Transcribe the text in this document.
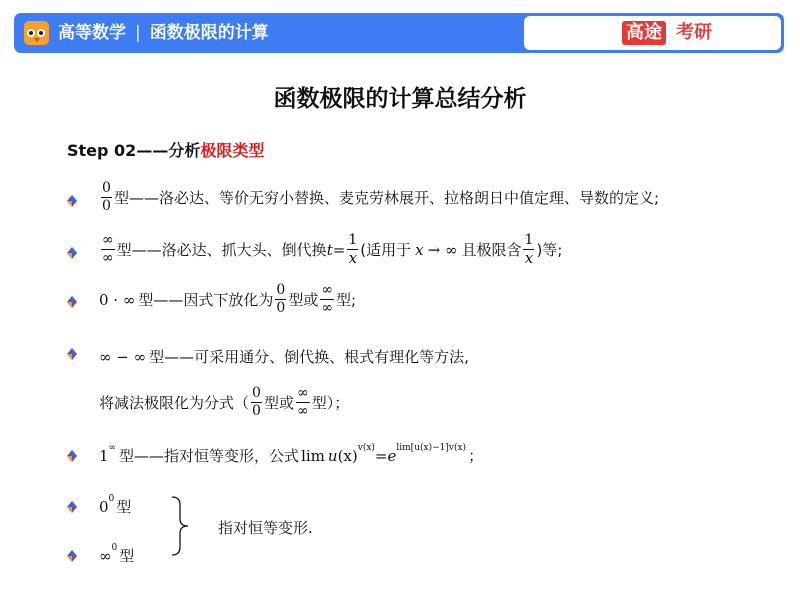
高等数学 | 函数极限的计算	高途 考研
函数极限的计算总结分析
Step 02——分析极限类型
$\frac{0}{0}$ 型——洛必达、等价无穷小替换、麦克劳林展开、拉格朗日中值定理、导数的定义;
$\frac{\infty}{\infty}$ 型——洛必达、抓大头、倒代换 $t = \frac{1}{x}$ (适用于 x → ∞ 且极限含 $\frac{1}{x}$ )等;
0 · ∞ 型——因式下放化为 $\frac{0}{0}$ 型或 $\frac{\infty}{\infty}$ 型;
∞ − ∞ 型——可采用通分、倒代换、根式有理化等方法,
将减法极限化为分式（ $\frac{0}{0}$ 型或 $\frac{\infty}{\infty}$ 型）；
1∞ 型——指对恒等变形，公式 lim u $(x)^{v(x)} = e^{lim[u(x)-1]v(x)}$ ；
$0^0$ 型
∞$^0$ 型
指对恒等变形.
